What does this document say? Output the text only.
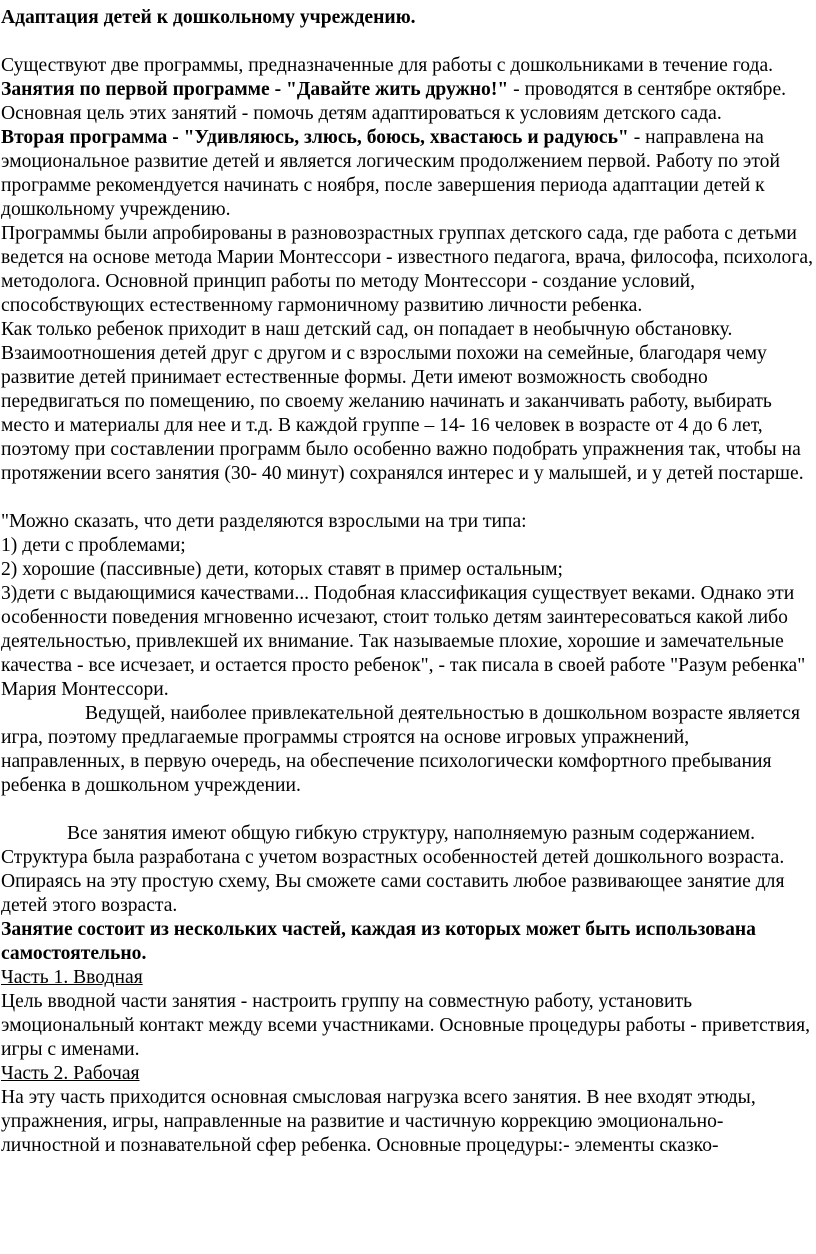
Адаптация детей к дошкольному учреждению.

Существуют две программы, предназначенные для работы с дошкольниками в течение года.

Занятия по первой программе - "Давайте жить дружно!" - проводятся в сентябре октябре. Основная цель этих занятий - помочь детям адаптироваться к условиям детского сада.

Вторая программа - "Удивляюсь, злюсь, боюсь, хвастаюсь и радуюсь" - направлена на эмоциональное развитие детей и является логическим продолжением первой. Работу по этой программе рекомендуется начинать с ноября, после завершения периода адаптации детей к дошкольному учреждению.

Программы были апробированы в разновозрастных группах детского сада, где работа с детьми ведется на основе метода Марии Монтессори - известного педагога, врача, философа, психолога, методолога. Основной принцип работы по методу Монтессори - создание условий, способствующих естественному гармоничному развитию личности ребенка.

Как только ребенок приходит в наш детский сад, он попадает в необычную обстановку. Взаимоотношения детей друг с другом и с взрослыми похожи на семейные, благодаря чему развитие детей принимает естественные формы. Дети имеют возможность свободно передвигаться по помещению, по своему желанию начинать и заканчивать работу, выбирать место и материалы для нее и т.д. В каждой группе – 14- 16 человек в возрасте от 4 до 6 лет, поэтому при составлении программ было особенно важно подобрать упражнения так, чтобы на протяжении всего занятия (30- 40 минут) сохранялся интерес и у малышей, и у детей постарше.

"Можно сказать, что дети разделяются взрослыми на три типа:

1) дети с проблемами;

2) хорошие (пассивные) дети, которых ставят в пример остальным;

3)дети с выдающимися качествами... Подобная классификация существует веками. Однако эти особенности поведения мгновенно исчезают, стоит только детям заинтересоваться какой либо деятельностью, привлекшей их внимание. Так называемые плохие, хорошие и замечательные качества - все исчезает, и остается просто ребенок", - так писала в своей работе "Разум ребенка" Мария Монтессори.

Ведущей, наиболее привлекательной деятельностью в дошкольном возрасте является игра, поэтому предлагаемые программы строятся на основе игровых упражнений, направленных, в первую очередь, на обеспечение психологически комфортного пребывания ребенка в дошкольном учреждении.

Все занятия имеют общую гибкую структуру, наполняемую разным содержанием. Структура была разработана с учетом возрастных особенностей детей дошкольного возраста. Опираясь на эту простую схему, Вы сможете сами составить любое развивающее занятие для детей этого возраста.

Занятие состоит из нескольких частей, каждая из которых может быть использована самостоятельно.

Часть 1. Вводная

Цель вводной части занятия - настроить группу на совместную работу, установить эмоциональный контакт между всеми участниками. Основные процедуры работы - приветствия, игры с именами.

Часть 2. Рабочая

На эту часть приходится основная смысловая нагрузка всего занятия. В нее входят этюды, упражнения, игры, направленные на развитие и частичную коррекцию эмоционально-личностной и познавательной сфер ребенка. Основные процедуры:- элементы сказко-
